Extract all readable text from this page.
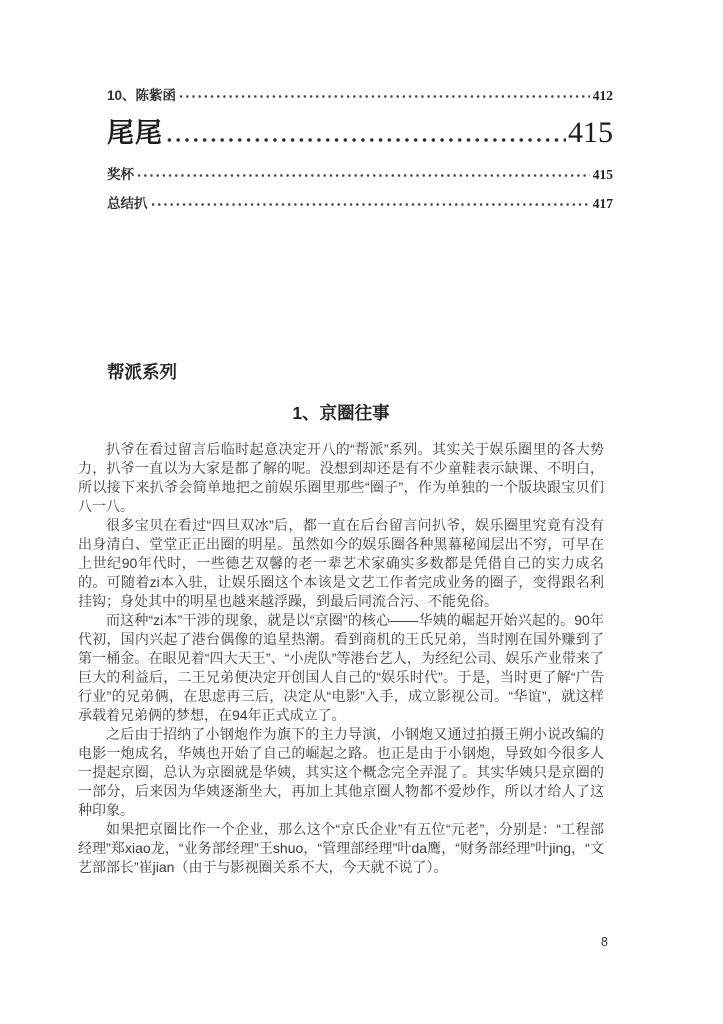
10、陈紫函	412
尾尾	415
奖杯	415
总结扒	417
帮派系列
1、京圈往事

扒爷在看过留言后临时起意决定开八的“帮派”系列。其实关于娱乐圈里的各大势力，扒爷一直以为大家是都了解的呢。没想到却还是有不少童鞋表示缺课、不明白，所以接下来扒爷会简单地把之前娱乐圈里那些“圈子”，作为单独的一个版块跟宝贝们八一八。

很多宝贝在看过“四旦双冰”后，都一直在后台留言问扒爷，娱乐圈里究竟有没有出身清白、堂堂正正出圈的明星。虽然如今的娱乐圈各种黑幕秘闻层出不穷，可早在上世纪90年代时，一些德艺双馨的老一辈艺术家确实多数都是凭借自己的实力成名的。可随着zi本入驻，让娱乐圈这个本该是文艺工作者完成业务的圈子，变得跟名利挂钩；身处其中的明星也越来越浮躁，到最后同流合污、不能免俗。

而这种“zi本”干涉的现象，就是以“京圈”的核心——华姨的崛起开始兴起的。90年代初，国内兴起了港台偶像的追星热潮。看到商机的王氏兄弟，当时刚在国外赚到了第一桶金。在眼见着“四大天王”、“小虎队”等港台艺人，为经纪公司、娱乐产业带来了巨大的利益后，二王兄弟便决定开创国人自己的“娱乐时代”。于是，当时更了解“广告行业”的兄弟俩，在思虑再三后，决定从“电影”入手，成立影视公司。“华谊”，就这样承载着兄弟俩的梦想，在94年正式成立了。

之后由于招纳了小钢炮作为旗下的主力导演，小钢炮又通过拍摄王朔小说改编的电影一炮成名，华姨也开始了自己的崛起之路。也正是由于小钢炮，导致如今很多人一提起京圈，总认为京圈就是华姨，其实这个概念完全弄混了。其实华姨只是京圈的一部分，后来因为华姨逐渐坐大，再加上其他京圈人物都不爱炒作，所以才给人了这种印象。

如果把京圈比作一个企业，那么这个“京氏企业”有五位“元老”，分别是：“工程部经理”郑xiao龙，“业务部经理”王shuo，“管理部经理”叶da鹰，“财务部经理”叶jing，“文艺部部长”崔jian（由于与影视圈关系不大，今天就不说了）。

8
